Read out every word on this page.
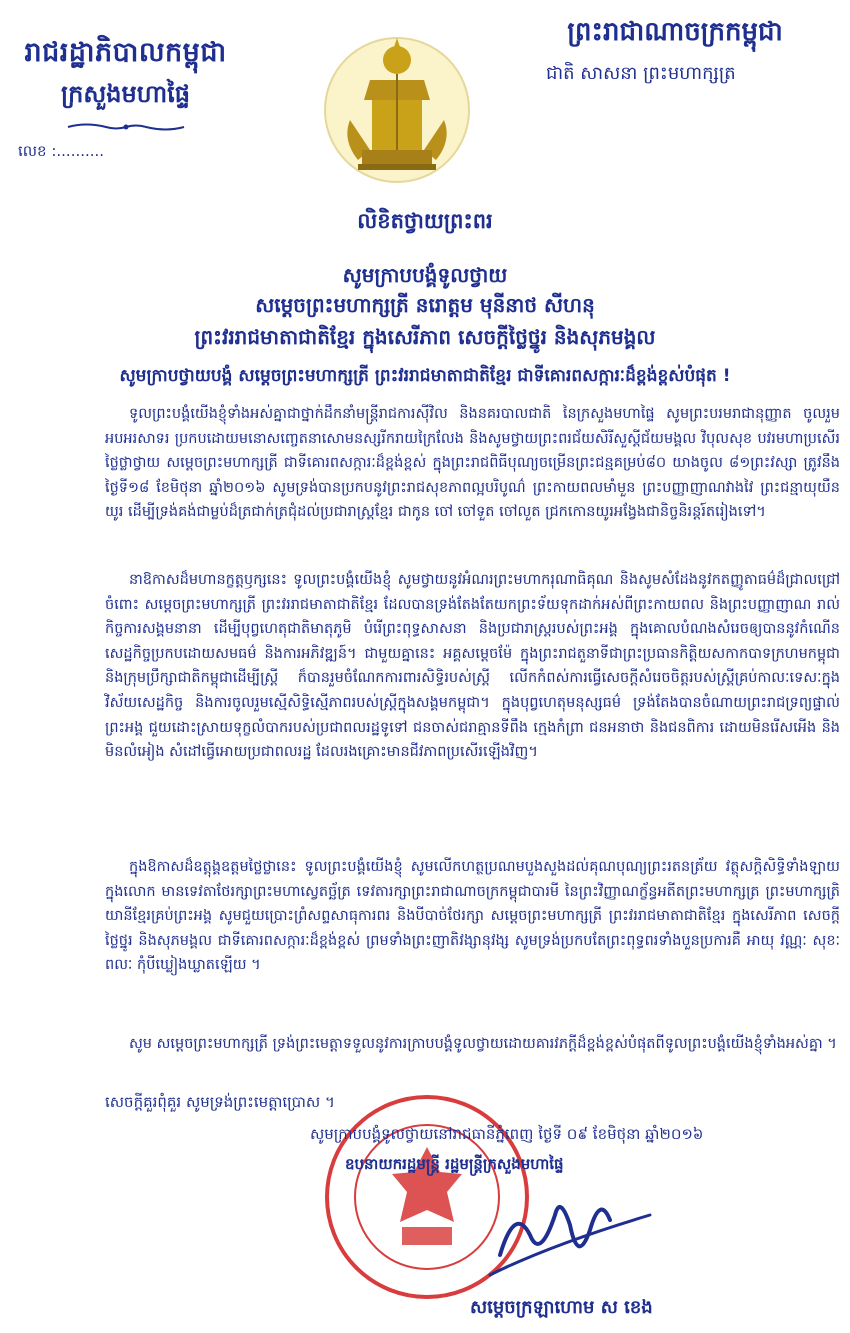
រាជរដ្ឋាភិបាលកម្ពុជា
ក្រសួងមហាផ្ទៃ
លេខ :..........
ព្រះរាជាណាចក្រកម្ពុជា
ជាតិ សាសនា ព្រះមហាក្សត្រ
លិខិតថ្វាយព្រះពរ
សូមក្រាបបង្គំទូលថ្វាយ
សម្តេចព្រះមហាក្សត្រី នរោត្តម មុនីនាថ សីហនុ
ព្រះវររាជមាតាជាតិខ្មែរ ក្នុងសេរីភាព សេចក្តីថ្លៃថ្នូរ និងសុភមង្គល
សូមក្រាបថ្វាយបង្គំ សម្តេចព្រះមហាក្សត្រី ព្រះវររាជមាតាជាតិខ្មែរ ជាទីគោរពសក្ការៈដ៏ខ្ពង់ខ្ពស់បំផុត !
ទូលព្រះបង្គំយើងខ្ញុំទាំងអស់គ្នាជាថ្នាក់ដឹកនាំមន្ត្រីរាជការស៊ីវិល និងនគរបាលជាតិ នៃក្រសួងមហាផ្ទៃ សូមព្រះបរមរាជានុញ្ញាត ចូលរួមអបអរសាទរ ប្រកបដោយមនោសញ្ចេតនាសោមនស្សរីករាយក្រៃលែង និងសូមថ្វាយព្រះពរជ័យសិរីសួស្តីជ័យមង្គល វិបុលសុខ បវរមហាប្រសើរថ្លៃថ្លាថ្វាយ សម្តេចព្រះមហាក្សត្រី ជាទីគោរពសក្ការៈដ៏ខ្ពង់ខ្ពស់ ក្នុងព្រះរាជពិធីបុណ្យចម្រើនព្រះជន្មគម្រប់៨០ យាងចូល ៨១ព្រះវស្សា ត្រូវនឹងថ្ងៃទី១៨ ខែមិថុនា ឆ្នាំ២០១៦ សូមទ្រង់បានប្រកបនូវព្រះរាជសុខភាពល្អបរិបូណ៌ ព្រះកាយពលមាំមួន ព្រះបញ្ញាញាណវាងវៃ ព្រះជន្មាយុយឺនយូរ ដើម្បីទ្រង់គង់ជាម្លប់ដ៏ត្រជាក់ត្រជុំដល់ប្រជារាស្ត្រខ្មែរ ជាកូន ចៅ ចៅទួត ចៅលួត ជ្រកកោនយូរអង្វែងជានិច្ចនិរន្តរ៍តរៀងទៅ។
នាឱកាសដ៏មហានក្ខត្តឫក្សនេះ ទូលព្រះបង្គំយើងខ្ញុំ សូមថ្វាយនូវអំណរព្រះមហាករុណាធិគុណ និងសូមសំដែងនូវកតញ្ញូតាធម៌ដ៏ជ្រាលជ្រៅ ចំពោះ សម្តេចព្រះមហាក្សត្រី ព្រះវររាជមាតាជាតិខ្មែរ ដែលបានទ្រង់តែងតែយកព្រះទ័យទុកដាក់អស់ពីព្រះកាយពល និងព្រះបញ្ញាញាណ រាល់កិច្ចការសង្គមនានា ដើម្បីបុព្វហេតុជាតិមាតុភូមិ បំរើព្រះពុទ្ធសាសនា និងប្រជារាស្ត្ររបស់ព្រះអង្គ ក្នុងគោលបំណងសំរេចឲ្យបាននូវកំណើនសេដ្ឋកិច្ចប្រកបដោយសមធម៌ និងការអភិវឌ្ឍន៍។ ជាមួយគ្នានេះ អគ្គសម្តេចម៉ែ ក្នុងព្រះរាជតួនាទីជាព្រះប្រធានកិត្តិយសកាកបាទក្រហមកម្ពុជា និងក្រុមប្រឹក្សាជាតិកម្ពុជាដើម្បីស្ត្រី ក៏បានរួមចំណែកការពារសិទ្ធិរបស់ស្ត្រី លើកកំពស់ការធ្វើសេចក្តីសំរេចចិត្តរបស់ស្ត្រីគ្រប់កាលៈទេសៈក្នុងវិស័យសេដ្ឋកិច្ច និងការចូលរួមស្មើសិទ្ធិស្មើភាពរបស់ស្ត្រីក្នុងសង្គមកម្ពុជា។ ក្នុងបុព្វហេតុមនុស្សធម៌ ទ្រង់តែងបានចំណាយព្រះរាជទ្រព្យផ្ទាល់ព្រះអង្គ ជួយដោះស្រាយទុក្ខលំបាករបស់ប្រជាពលរដ្ឋទូទៅ ជនចាស់ជរាគ្មានទីពឹង ក្មេងកំព្រា ជនអនាថា និងជនពិការ ដោយមិនរើសអើង និងមិនលំអៀង សំដៅធ្វើអោយប្រជាពលរដ្ឋ ដែលរងគ្រោះមានជីវភាពប្រសើរឡើងវិញ។
ក្នុងឱកាសដ៏ឧត្តុង្គឧត្តមថ្លៃថ្លានេះ ទូលព្រះបង្គំយើងខ្ញុំ សូមលើកហត្ថប្រណមបួងសួងដល់គុណបុណ្យព្រះរតនត្រ័យ វត្ថុសក្តិសិទ្ធិទាំងឡាយក្នុងលោក មានទេវតាថែរក្សាព្រះមហាស្វេតច្ឆ័ត្រ ទេវតារក្សាព្រះរាជាណាចក្រកម្ពុជាបារមី នៃព្រះវិញ្ញាណក្ខ័ន្ធអតីតព្រះមហាក្សត្រ ព្រះមហាក្សត្រិយានីខ្មែរគ្រប់ព្រះអង្គ សូមជួយប្រោះព្រំសព្ទសាធុការពរ និងបីបាច់ថែរក្សា សម្តេចព្រះមហាក្សត្រី ព្រះវររាជមាតាជាតិខ្មែរ ក្នុងសេរីភាព សេចក្តីថ្លៃថ្នូរ និងសុភមង្គល ជាទីគោរពសក្ការៈដ៏ខ្ពង់ខ្ពស់ ព្រមទាំងព្រះញាតិវង្សានុវង្ស សូមទ្រង់ប្រកបតែព្រះពុទ្ធពរទាំងបួនប្រការគឺ អាយុ វណ្ណៈ សុខៈ ពលៈ កុំបីឃ្លៀងឃ្លាតឡើយ ។
សូម សម្តេចព្រះមហាក្សត្រី ទ្រង់ព្រះមេត្តាទទួលនូវការក្រាបបង្គំទូលថ្វាយដោយគារវភក្តីដ៏ខ្ពង់ខ្ពស់បំផុតពីទូលព្រះបង្គំយើងខ្ញុំទាំងអស់គ្នា ។
សេចក្តីគួរពុំគួរ សូមទ្រង់ព្រះមេត្តាប្រោស ។
សូមក្រាបបង្គំទូលថ្វាយនៅរាជធានីភ្នំពេញ ថ្ងៃទី ០៩ ខែមិថុនា ឆ្នាំ២០១៦
ឧបនាយករដ្ឋមន្ត្រី រដ្ឋមន្ត្រីក្រសួងមហាផ្ទៃ
សម្តេចក្រឡាហោម ស ខេង
